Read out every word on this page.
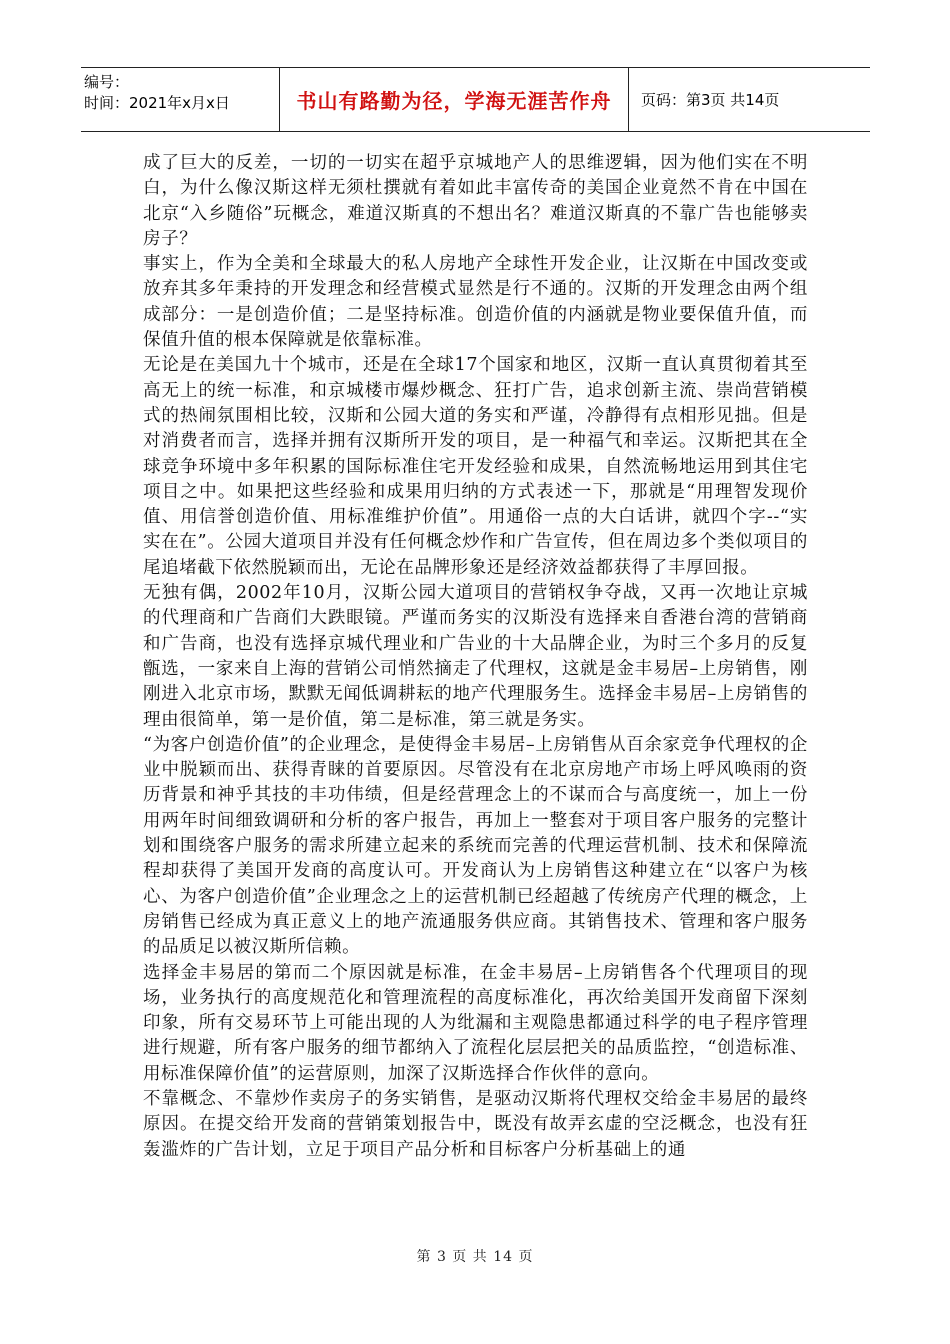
编号：
时间：2021年x月x日	书山有路勤为径，学海无涯苦作舟	页码：第3页 共14页

成了巨大的反差，一切的一切实在超乎京城地产人的思维逻辑，因为他们实在不明白，为什么像汉斯这样无须杜撰就有着如此丰富传奇的美国企业竟然不肯在中国在北京“入乡随俗”玩概念，难道汉斯真的不想出名？难道汉斯真的不靠广告也能够卖房子？

事实上，作为全美和全球最大的私人房地产全球性开发企业，让汉斯在中国改变或放弃其多年秉持的开发理念和经营模式显然是行不通的。汉斯的开发理念由两个组成部分：一是创造价值；二是坚持标准。创造价值的内涵就是物业要保值升值，而保值升值的根本保障就是依靠标准。

无论是在美国九十个城市，还是在全球17个国家和地区，汉斯一直认真贯彻着其至高无上的统一标准，和京城楼市爆炒概念、狂打广告，追求创新主流、崇尚营销模式的热闹氛围相比较，汉斯和公园大道的务实和严谨，冷静得有点相形见拙。但是对消费者而言，选择并拥有汉斯所开发的项目，是一种福气和幸运。汉斯把其在全球竞争环境中多年积累的国际标准住宅开发经验和成果，自然流畅地运用到其住宅项目之中。如果把这些经验和成果用归纳的方式表述一下，那就是“用理智发现价值、用信誉创造价值、用标准维护价值”。用通俗一点的大白话讲，就四个字--“实实在在”。公园大道项目并没有任何概念炒作和广告宣传，但在周边多个类似项目的尾追堵截下依然脱颖而出，无论在品牌形象还是经济效益都获得了丰厚回报。

无独有偶，2002年10月，汉斯公园大道项目的营销权争夺战，又再一次地让京城的代理商和广告商们大跌眼镜。严谨而务实的汉斯没有选择来自香港台湾的营销商和广告商，也没有选择京城代理业和广告业的十大品牌企业，为时三个多月的反复甑选，一家来自上海的营销公司悄然摘走了代理权，这就是金丰易居–上房销售，刚刚进入北京市场，默默无闻低调耕耘的地产代理服务生。选择金丰易居–上房销售的理由很简单，第一是价值，第二是标准，第三就是务实。

“为客户创造价值”的企业理念，是使得金丰易居–上房销售从百余家竞争代理权的企业中脱颖而出、获得青睐的首要原因。尽管没有在北京房地产市场上呼风唤雨的资历背景和神乎其技的丰功伟绩，但是经营理念上的不谋而合与高度统一，加上一份用两年时间细致调研和分析的客户报告，再加上一整套对于项目客户服务的完整计划和围绕客户服务的需求所建立起来的系统而完善的代理运营机制、技术和保障流程却获得了美国开发商的高度认可。开发商认为上房销售这种建立在“以客户为核心、为客户创造价值”企业理念之上的运营机制已经超越了传统房产代理的概念，上房销售已经成为真正意义上的地产流通服务供应商。其销售技术、管理和客户服务的品质足以被汉斯所信赖。

选择金丰易居的第而二个原因就是标准，在金丰易居–上房销售各个代理项目的现场，业务执行的高度规范化和管理流程的高度标准化，再次给美国开发商留下深刻印象，所有交易环节上可能出现的人为纰漏和主观隐患都通过科学的电子程序管理进行规避，所有客户服务的细节都纳入了流程化层层把关的品质监控，“创造标准、用标准保障价值”的运营原则，加深了汉斯选择合作伙伴的意向。

不靠概念、不靠炒作卖房子的务实销售，是驱动汉斯将代理权交给金丰易居的最终原因。在提交给开发商的营销策划报告中，既没有故弄玄虚的空泛概念，也没有狂轰滥炸的广告计划，立足于项目产品分析和目标客户分析基础上的通

第 3 页 共 14 页
